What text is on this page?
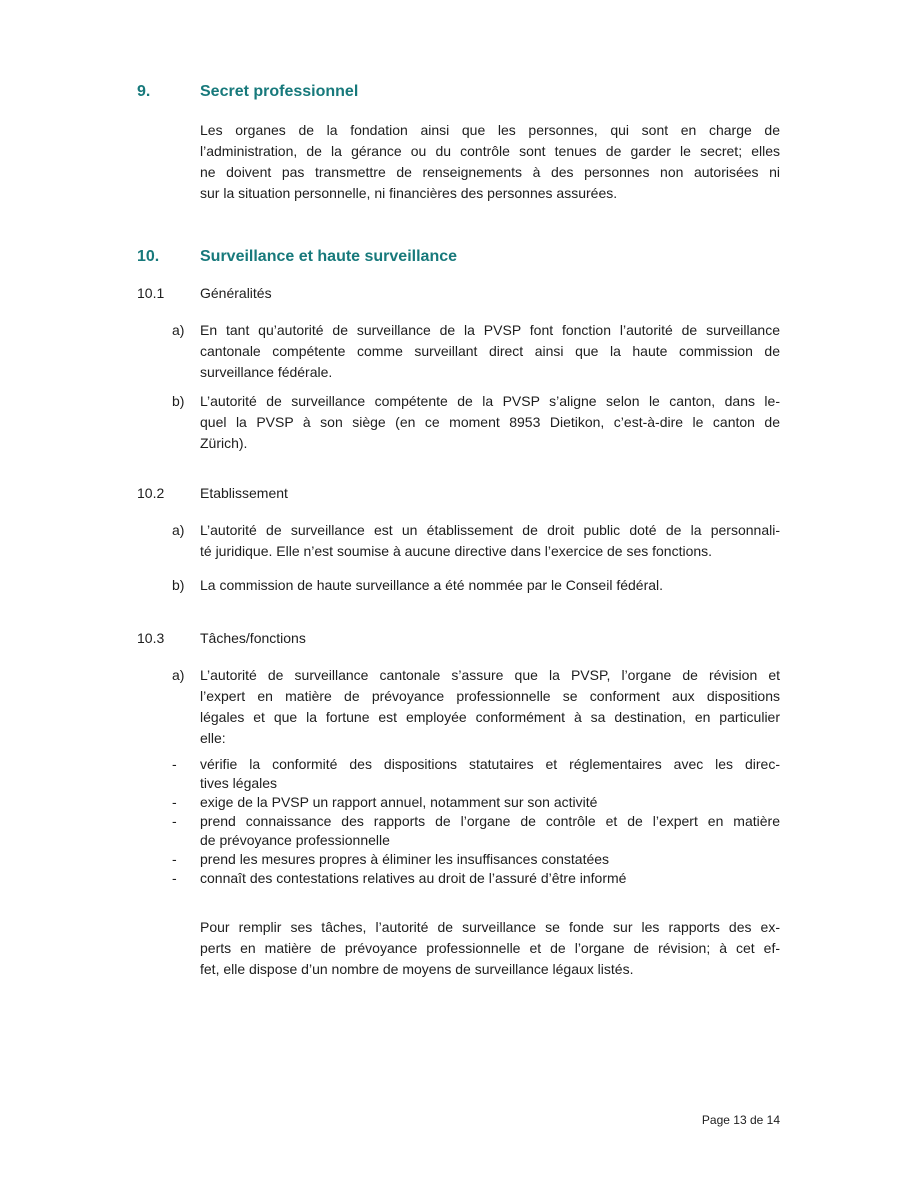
9.	Secret professionnel
Les organes de la fondation ainsi que les personnes, qui sont en charge de
l’administration, de la gérance ou du contrôle sont tenues de garder le secret; elles
ne doivent pas transmettre de renseignements à des personnes non autorisées ni
sur la situation personnelle, ni financières des personnes assurées.
10.	Surveillance et haute surveillance
10.1	Généralités
a)	En tant qu’autorité de surveillance de la PVSP font fonction l’autorité de surveillance
cantonale compétente comme surveillant direct ainsi que la haute commission de
surveillance fédérale.
b)	L’autorité de surveillance compétente de la PVSP s’aligne selon le canton, dans le-
quel la PVSP à son siège (en ce moment 8953 Dietikon, c’est-à-dire le canton de
Zürich).
10.2	Etablissement
a)	L’autorité de surveillance est un établissement de droit public doté de la personnali-
té juridique. Elle n’est soumise à aucune directive dans l’exercice de ses fonctions.
b)	La commission de haute surveillance a été nommée par le Conseil fédéral.
10.3	Tâches/fonctions
a)	L’autorité de surveillance cantonale s’assure que la PVSP, l’organe de révision et
l’expert en matière de prévoyance professionnelle se conforment aux dispositions
légales et que la fortune est employée conformément à sa destination, en particulier
elle:
-	vérifie la conformité des dispositions statutaires et réglementaires avec les direc-
tives légales
-	exige de la PVSP un rapport annuel, notamment sur son activité
-	prend connaissance des rapports de l’organe de contrôle et de l’expert en matière
de prévoyance professionnelle
-	prend les mesures propres à éliminer les insuffisances constatées
-	connaît des contestations relatives au droit de l’assuré d’être informé
Pour remplir ses tâches, l’autorité de surveillance se fonde sur les rapports des ex-
perts en matière de prévoyance professionnelle et de l’organe de révision; à cet ef-
fet, elle dispose d’un nombre de moyens de surveillance légaux listés.
Page 13 de 14
